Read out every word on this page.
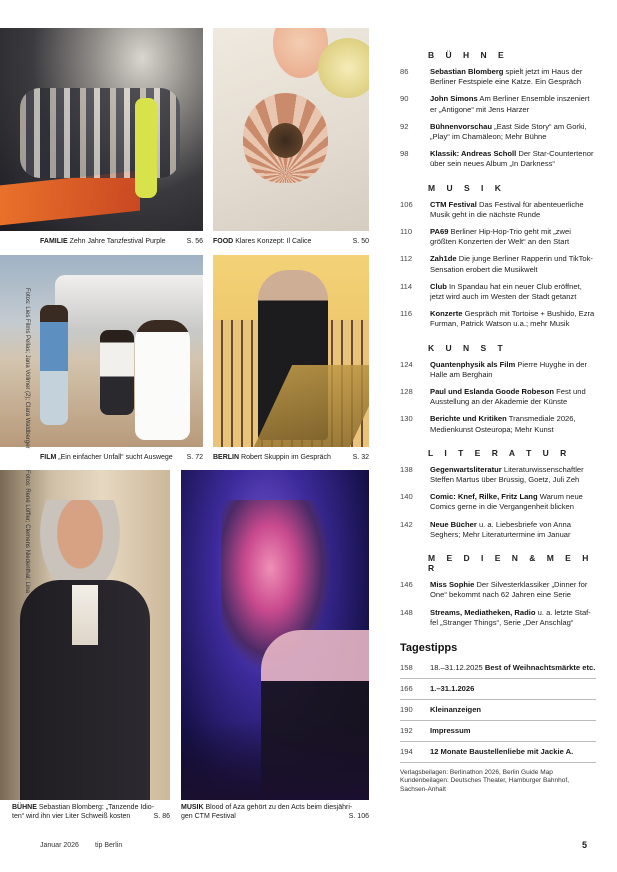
FAMILIE Zehn Jahre Tanzfestival Purple	S. 56 FOOD Klares Konzept: Il Calice	S. 50
FILM „Ein einfacher Unfall“ sucht Auswege S. 72 BERLIN Robert Skuppin im Gespräch	S. 32
BÜHNE Sebastian Blomberg: „Tanzende Idio-
ten“ wird ihn vier Liter Schweiß kosten	S. 86
MUSIK Blood of Aza gehört zu den Acts beim diesjähri-
gen CTM Festival	S. 106
Fotos: Lies Films Pellas; Jana Vollmer (2); Clara Waldberger
Fotos: René Löffler; Clemens Niedenthal; Lina
B Ü H N E
86	Sebastian Blomberg spielt jetzt im Haus der Berliner Festspiele eine Katze. Ein Gespräch
90	John Simons Am Berliner Ensemble inszeniert er „Antigone“ mit Jens Harzer
92	Bühnenvorschau „East Side Story“ am Gorki, „Play“ im Chamäleon; Mehr Bühne
98	Klassik: Andreas Scholl Der Star-Countertenor über sein neues Album „In Darkness“
M U S I K
106 CTM Festival Das Festival für abenteuerliche Musik geht in die nächste Runde
110 PA69 Berliner Hip-Hop-Trio geht mit „zwei größten Konzerten der Welt“ an den Start
112 Zah1de Die junge Berliner Rapperin und TikTok-Sensation erobert die Musikwelt
114 Club In Spandau hat ein neuer Club eröffnet, jetzt wird auch im Westen der Stadt getanzt
116 Konzerte Gespräch mit Tortoise + Bushido, Ezra Furman, Patrick Watson u.a.; mehr Musik
K U N S T
124 Quantenphysik als Film Pierre Huyghe in der Halle am Berghain
128 Paul und Eslanda Goode Robeson Fest und Ausstellung an der Akademie der Künste
130 Berichte und Kritiken Transmediale 2026, Medienkunst Osteuropa; Mehr Kunst
L I T E R A T U R
138 Gegenwartsliteratur Literaturwissenschaftler Steffen Martus über Brussig, Goetz, Juli Zeh
140 Comic: Knef, Rilke, Fritz Lang Warum neue Comics gerne in die Vergangenheit blicken
142 Neue Bücher u. a. Liebesbriefe von Anna Seghers; Mehr Literaturtermine im Januar
M E D I E N & M E H R
146 Miss Sophie Der Silvesterklassiker „Dinner for One“ bekommt nach 62 Jahren eine Serie
148 Streams, Mediatheken, Radio u. a. letzte Staffel „Stranger Things“, Serie „Der Anschlag“
Tagestipps
158 18.–31.12.2025 Best of Weihnachtsmärkte etc.
166 1.–31.1.2026
190 Kleinanzeigen
192 Impressum
194 12 Monate Baustellenliebe mit Jackie A.
Verlagsbeilagen: Berlinathon 2026, Berlin Guide Map
Kundenbeilagen: Deutsches Theater, Hamburger Bahnhof,
Sachsen-Anhalt
Januar 2026 tip Berlin	5
